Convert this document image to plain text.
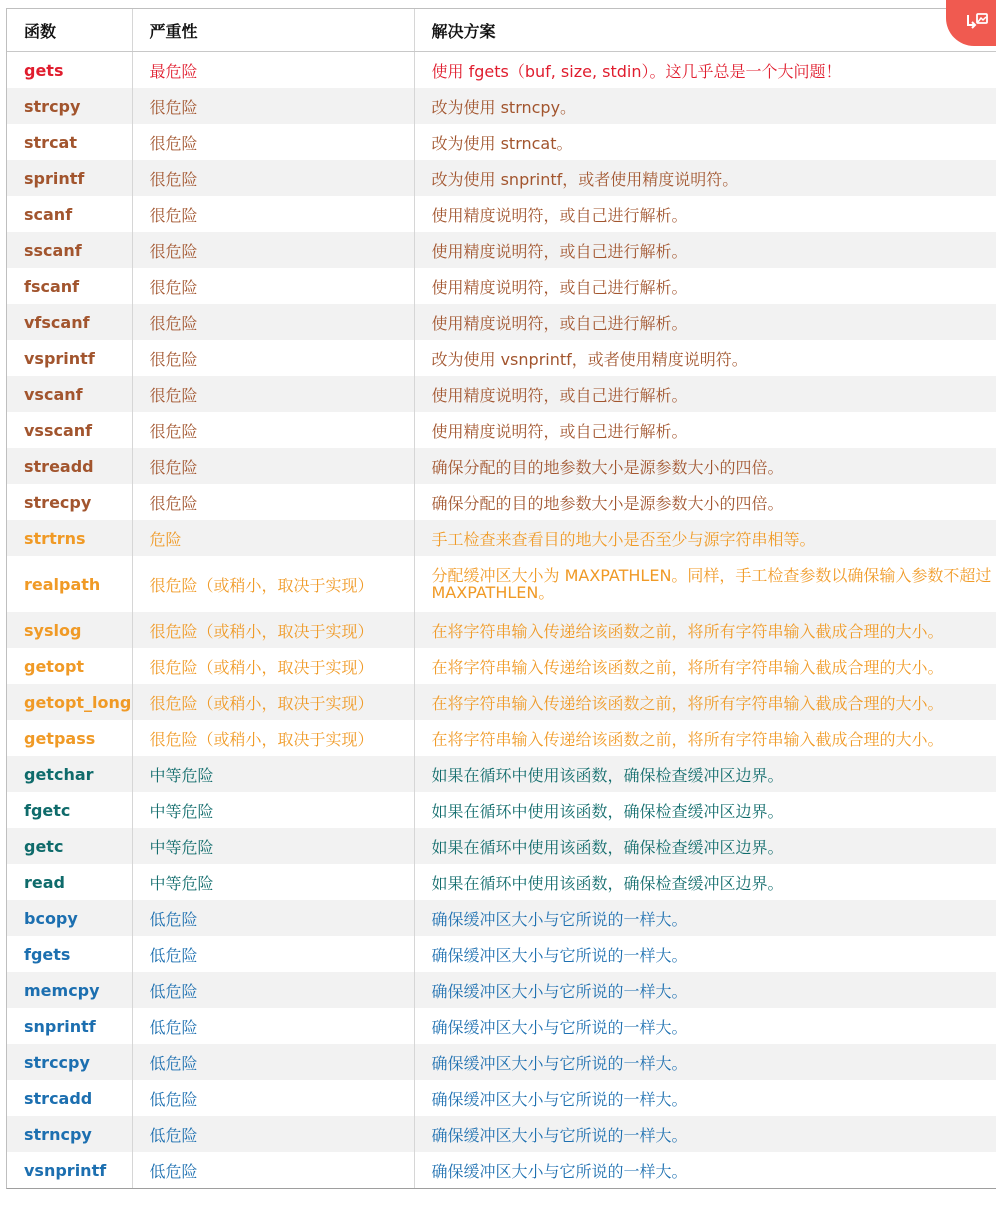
函数	严重性	解决方案
gets	最危险	使用 fgets（buf, size, stdin）。这几乎总是一个大问题！
strcpy	很危险	改为使用 strncpy。
strcat	很危险	改为使用 strncat。
sprintf	很危险	改为使用 snprintf，或者使用精度说明符。
scanf	很危险	使用精度说明符，或自己进行解析。
sscanf	很危险	使用精度说明符，或自己进行解析。
fscanf	很危险	使用精度说明符，或自己进行解析。
vfscanf	很危险	使用精度说明符，或自己进行解析。
vsprintf	很危险	改为使用 vsnprintf，或者使用精度说明符。
vscanf	很危险	使用精度说明符，或自己进行解析。
vsscanf	很危险	使用精度说明符，或自己进行解析。
streadd	很危险	确保分配的目的地参数大小是源参数大小的四倍。
strecpy	很危险	确保分配的目的地参数大小是源参数大小的四倍。
strtrns	危险	手工检查来查看目的地大小是否至少与源字符串相等。
realpath	很危险（或稍小，取决于实现）	分配缓冲区大小为 MAXPATHLEN。同样，手工检查参数以确保输入参数不超过 MAXPATHLEN。
syslog	很危险（或稍小，取决于实现）	在将字符串输入传递给该函数之前，将所有字符串输入截成合理的大小。
getopt	很危险（或稍小，取决于实现）	在将字符串输入传递给该函数之前，将所有字符串输入截成合理的大小。
getopt_long	很危险（或稍小，取决于实现）	在将字符串输入传递给该函数之前，将所有字符串输入截成合理的大小。
getpass	很危险（或稍小，取决于实现）	在将字符串输入传递给该函数之前，将所有字符串输入截成合理的大小。
getchar	中等危险	如果在循环中使用该函数，确保检查缓冲区边界。
fgetc	中等危险	如果在循环中使用该函数，确保检查缓冲区边界。
getc	中等危险	如果在循环中使用该函数，确保检查缓冲区边界。
read	中等危险	如果在循环中使用该函数，确保检查缓冲区边界。
bcopy	低危险	确保缓冲区大小与它所说的一样大。
fgets	低危险	确保缓冲区大小与它所说的一样大。
memcpy	低危险	确保缓冲区大小与它所说的一样大。
snprintf	低危险	确保缓冲区大小与它所说的一样大。
strccpy	低危险	确保缓冲区大小与它所说的一样大。
strcadd	低危险	确保缓冲区大小与它所说的一样大。
strncpy	低危险	确保缓冲区大小与它所说的一样大。
vsnprintf	低危险	确保缓冲区大小与它所说的一样大。
